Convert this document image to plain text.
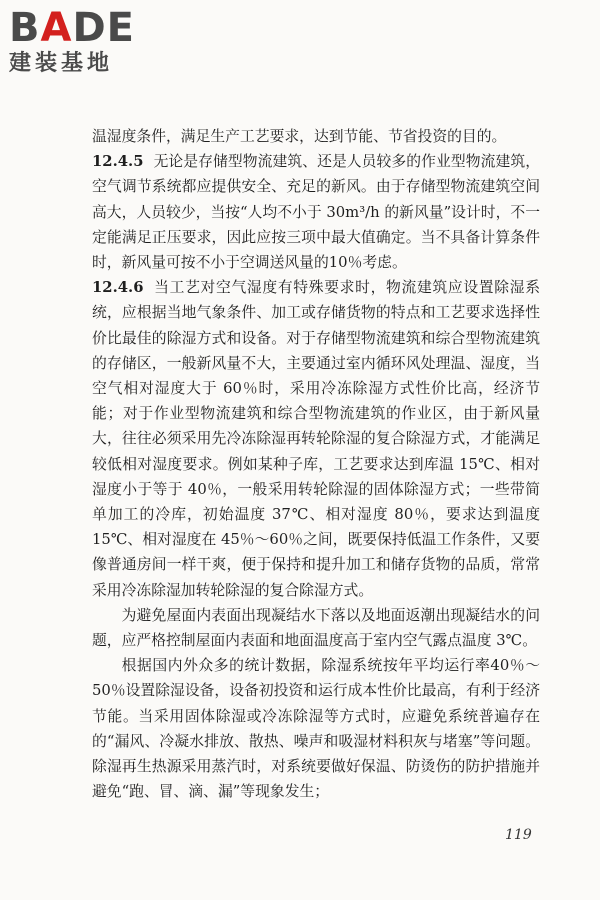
BADE
建装基地

温湿度条件，满足生产工艺要求，达到节能、节省投资的目的。

12.4.5 无论是存储型物流建筑、还是人员较多的作业型物流建筑，空气调节系统都应提供安全、充足的新风。由于存储型物流建筑空间高大，人员较少，当按“人均不小于 30m³/h 的新风量”设计时，不一定能满足正压要求，因此应按三项中最大值确定。当不具备计算条件时，新风量可按不小于空调送风量的10％考虑。

12.4.6 当工艺对空气湿度有特殊要求时，物流建筑应设置除湿系统，应根据当地气象条件、加工或存储货物的特点和工艺要求选择性价比最佳的除湿方式和设备。对于存储型物流建筑和综合型物流建筑的存储区，一般新风量不大，主要通过室内循环风处理温、湿度，当空气相对湿度大于 60％时，采用冷冻除湿方式性价比高，经济节能；对于作业型物流建筑和综合型物流建筑的作业区，由于新风量大，往往必须采用先冷冻除湿再转轮除湿的复合除湿方式，才能满足较低相对湿度要求。例如某种子库，工艺要求达到库温 15℃、相对湿度小于等于 40％，一般采用转轮除湿的固体除湿方式；一些带简单加工的冷库，初始温度 37℃、相对湿度 80％，要求达到温度 15℃、相对湿度在 45％～60％之间，既要保持低温工作条件，又要像普通房间一样干爽，便于保持和提升加工和储存货物的品质，常常采用冷冻除湿加转轮除湿的复合除湿方式。

为避免屋面内表面出现凝结水下落以及地面返潮出现凝结水的问题，应严格控制屋面内表面和地面温度高于室内空气露点温度 3℃。

根据国内外众多的统计数据，除湿系统按年平均运行率40％～50％设置除湿设备，设备初投资和运行成本性价比最高，有利于经济节能。当采用固体除湿或冷冻除湿等方式时，应避免系统普遍存在的“漏风、冷凝水排放、散热、噪声和吸湿材料积灰与堵塞”等问题。除湿再生热源采用蒸汽时，对系统要做好保温、防烫伤的防护措施并避免“跑、冒、滴、漏”等现象发生；

119
